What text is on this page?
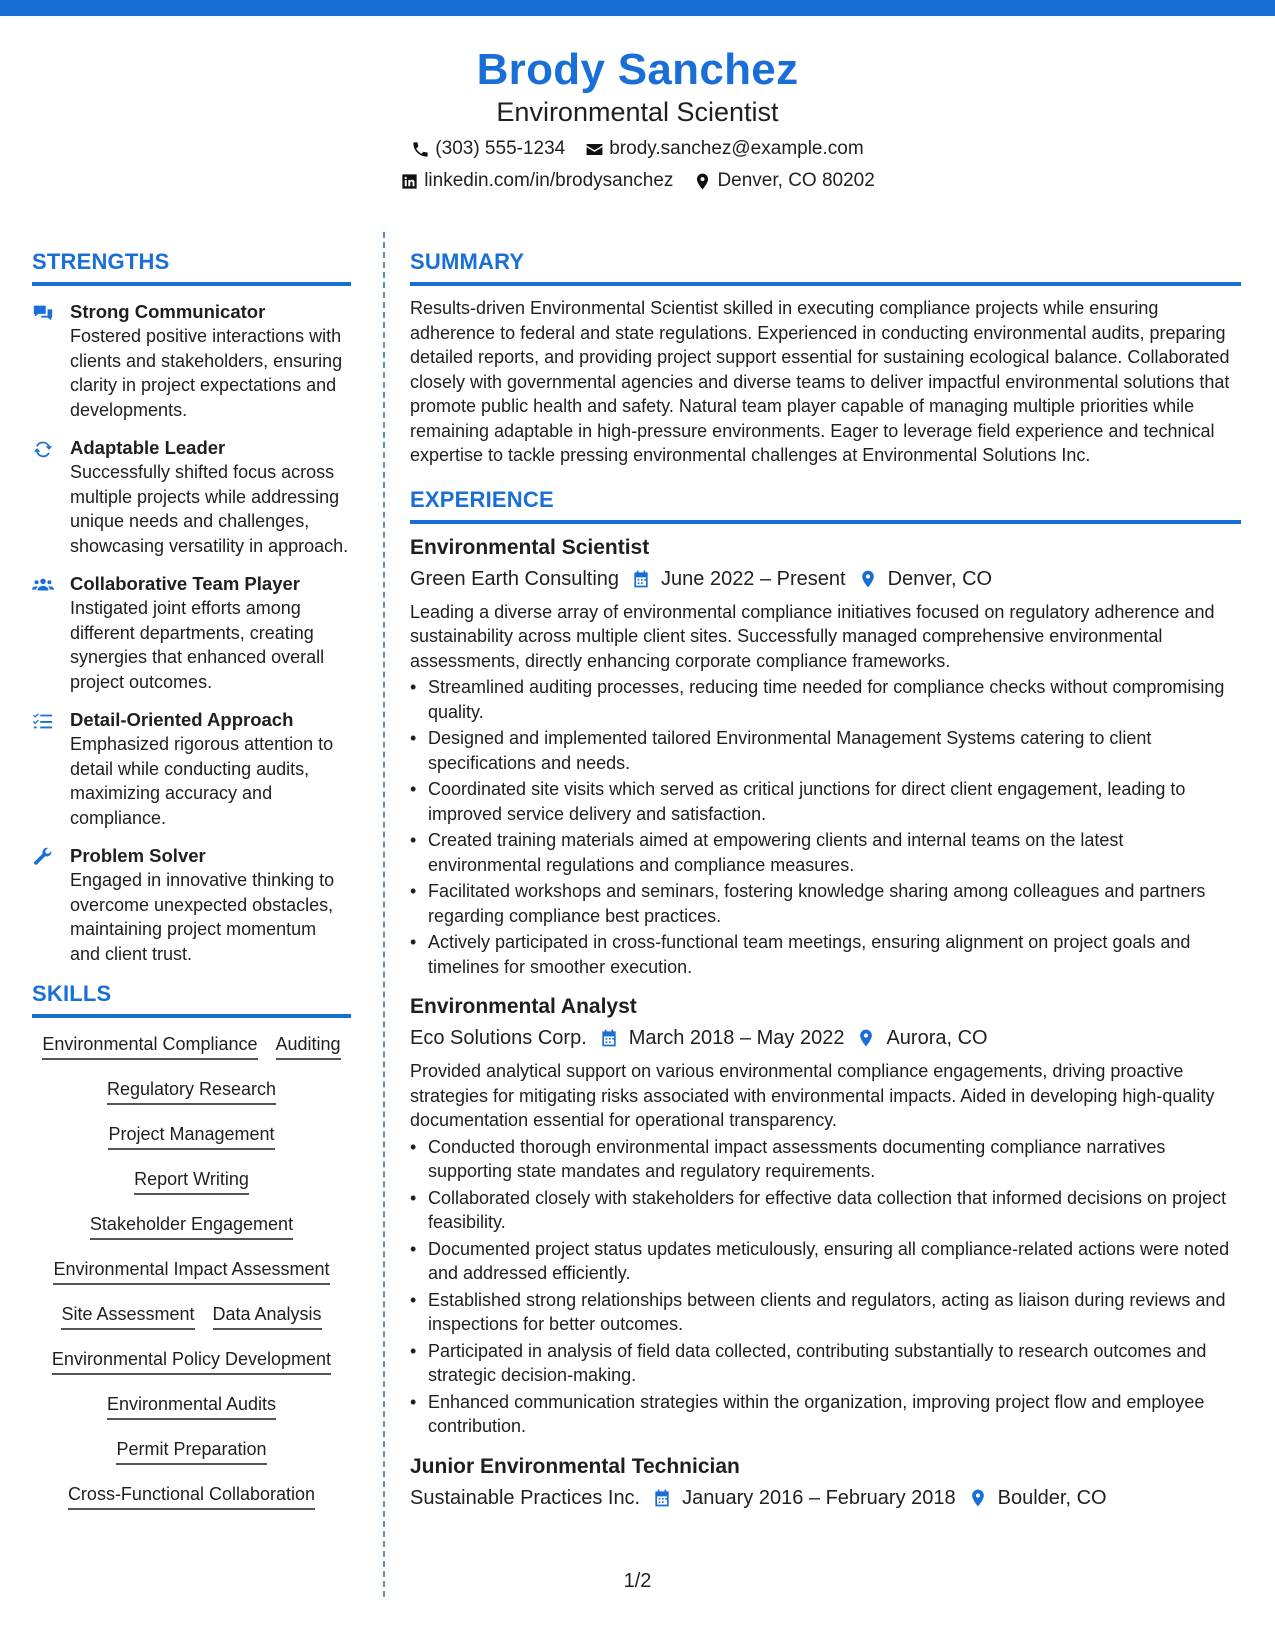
Brody Sanchez
Environmental Scientist
(303) 555-1234 brody.sanchez@example.com
linkedin.com/in/brodysanchez Denver, CO 80202
STRENGTHS
Strong Communicator
Fostered positive interactions with clients and stakeholders, ensuring clarity in project expectations and developments.
Adaptable Leader
Successfully shifted focus across multiple projects while addressing unique needs and challenges, showcasing versatility in approach.
Collaborative Team Player
Instigated joint efforts among different departments, creating synergies that enhanced overall project outcomes.
Detail-Oriented Approach
Emphasized rigorous attention to detail while conducting audits, maximizing accuracy and compliance.
Problem Solver
Engaged in innovative thinking to overcome unexpected obstacles, maintaining project momentum and client trust.
SKILLS
Environmental Compliance Auditing
Regulatory Research
Project Management
Report Writing
Stakeholder Engagement
Environmental Impact Assessment
Site Assessment Data Analysis
Environmental Policy Development
Environmental Audits
Permit Preparation
Cross-Functional Collaboration
SUMMARY

Results-driven Environmental Scientist skilled in executing compliance projects while ensuring adherence to federal and state regulations. Experienced in conducting environmental audits, preparing detailed reports, and providing project support essential for sustaining ecological balance. Collaborated closely with governmental agencies and diverse teams to deliver impactful environmental solutions that promote public health and safety. Natural team player capable of managing multiple priorities while remaining adaptable in high-pressure environments. Eager to leverage field experience and technical expertise to tackle pressing environmental challenges at Environmental Solutions Inc.

EXPERIENCE
Environmental Scientist
Green Earth Consulting June 2022 – Present Denver, CO

Leading a diverse array of environmental compliance initiatives focused on regulatory adherence and sustainability across multiple client sites. Successfully managed comprehensive environmental assessments, directly enhancing corporate compliance frameworks.

• Streamlined auditing processes, reducing time needed for compliance checks without compromising quality.
• Designed and implemented tailored Environmental Management Systems catering to client specifications and needs.
• Coordinated site visits which served as critical junctions for direct client engagement, leading to improved service delivery and satisfaction.
• Created training materials aimed at empowering clients and internal teams on the latest environmental regulations and compliance measures.
• Facilitated workshops and seminars, fostering knowledge sharing among colleagues and partners regarding compliance best practices.
• Actively participated in cross-functional team meetings, ensuring alignment on project goals and timelines for smoother execution.
Environmental Analyst
Eco Solutions Corp. March 2018 – May 2022 Aurora, CO

Provided analytical support on various environmental compliance engagements, driving proactive strategies for mitigating risks associated with environmental impacts. Aided in developing high-quality documentation essential for operational transparency.

• Conducted thorough environmental impact assessments documenting compliance narratives supporting state mandates and regulatory requirements.
• Collaborated closely with stakeholders for effective data collection that informed decisions on project feasibility.
• Documented project status updates meticulously, ensuring all compliance-related actions were noted and addressed efficiently.
• Established strong relationships between clients and regulators, acting as liaison during reviews and inspections for better outcomes.
• Participated in analysis of field data collected, contributing substantially to research outcomes and strategic decision-making.
• Enhanced communication strategies within the organization, improving project flow and employee contribution.
Junior Environmental Technician
Sustainable Practices Inc. January 2016 – February 2018 Boulder, CO
1/2
